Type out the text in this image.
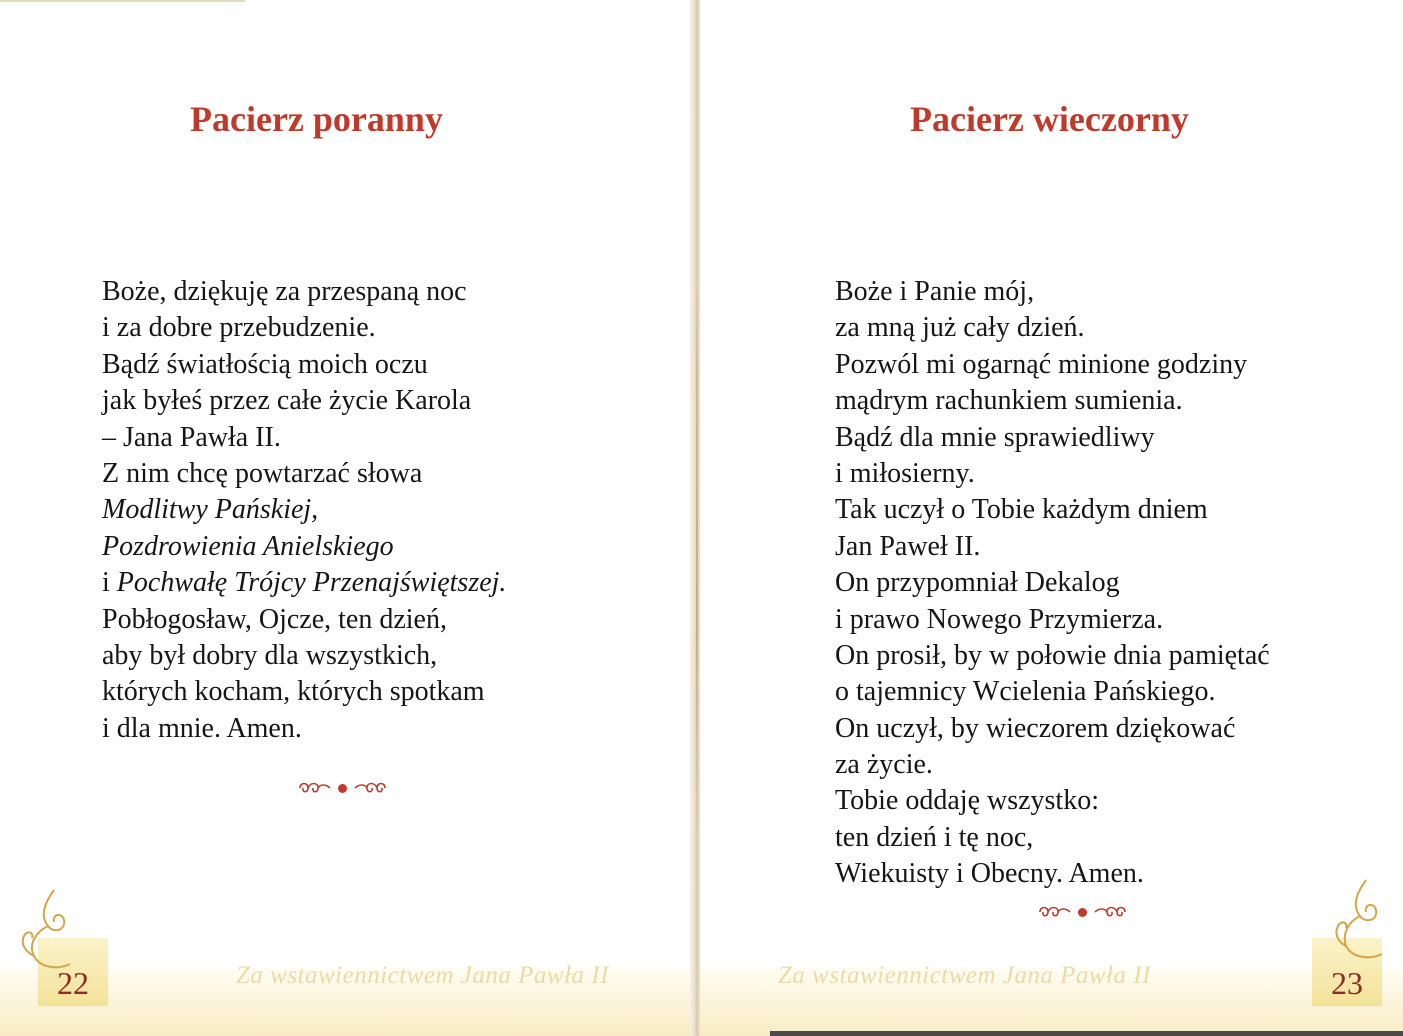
Pacierz poranny
Boże, dziękuję za przespaną noc
i za dobre przebudzenie.
Bądź światłością moich oczu
jak byłeś przez całe życie Karola
– Jana Pawła II.
Z nim chcę powtarzać słowa
Modlitwy Pańskiej,
Pozdrowienia Anielskiego
i Pochwałę Trójcy Przenajświętszej.
Pobłogosław, Ojcze, ten dzień,
aby był dobry dla wszystkich,
których kocham, których spotkam
i dla mnie. Amen.
22	Za wstawiennictwem Jana Pawła II

Pacierz wieczorny
Boże i Panie mój,
za mną już cały dzień.
Pozwól mi ogarnąć minione godziny
mądrym rachunkiem sumienia.
Bądź dla mnie sprawiedliwy
i miłosierny.
Tak uczył o Tobie każdym dniem
Jan Paweł II.
On przypomniał Dekalog
i prawo Nowego Przymierza.
On prosił, by w połowie dnia pamiętać
o tajemnicy Wcielenia Pańskiego.
On uczył, by wieczorem dziękować
za życie.
Tobie oddaję wszystko:
ten dzień i tę noc,
Wiekuisty i Obecny. Amen.
23

Za wstawiennictwem Jana Pawła II
